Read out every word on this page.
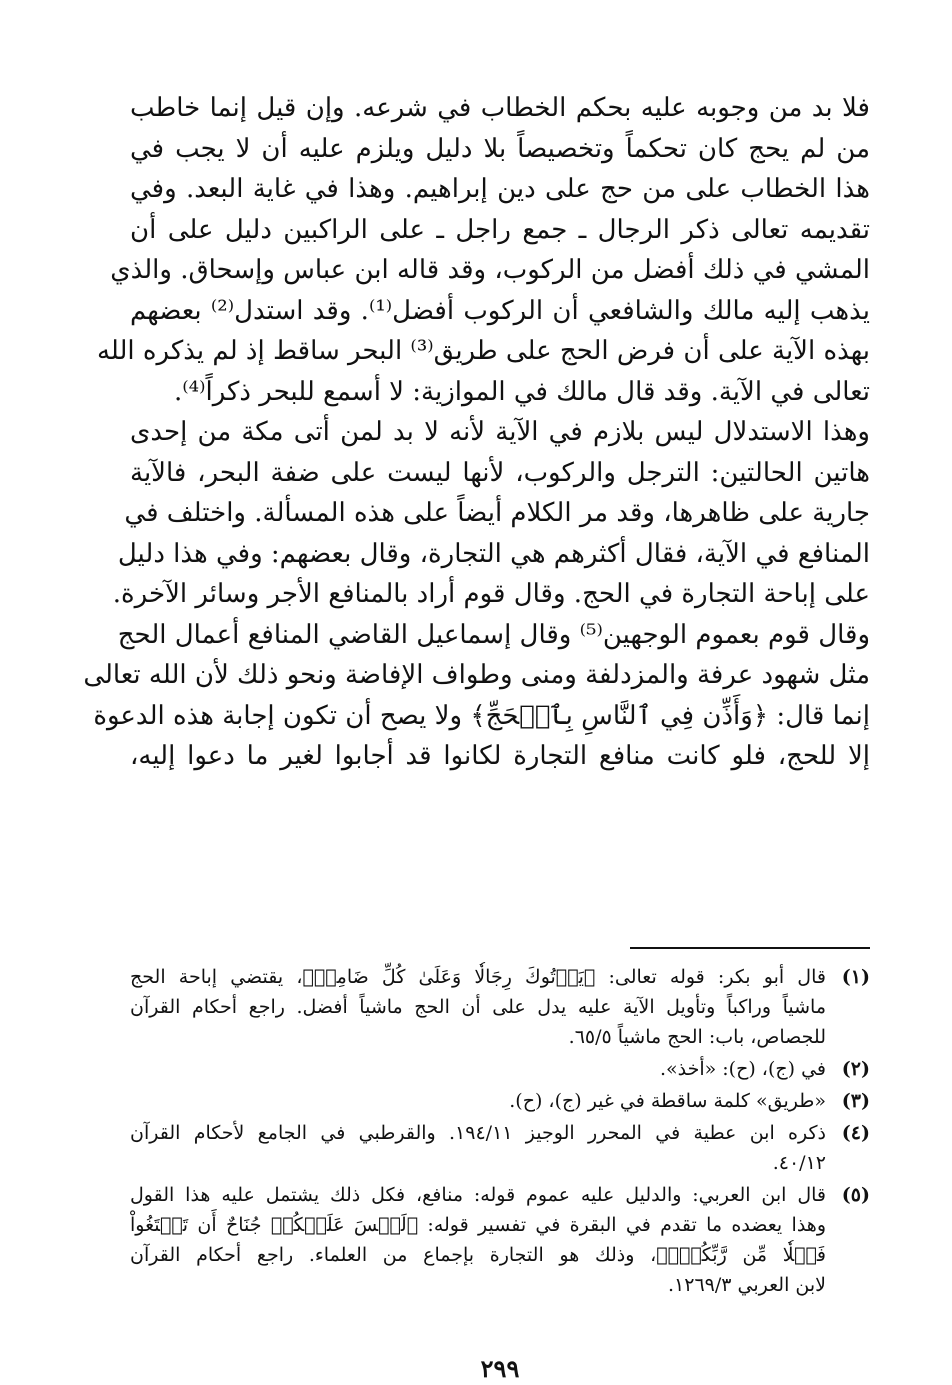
فلا بد من وجوبه عليه بحكم الخطاب في شرعه. وإن قيل إنما خاطب
من لم يحج كان تحكماً وتخصيصاً بلا دليل ويلزم عليه أن لا يجب في
هذا الخطاب على من حج على دين إبراهيم. وهذا في غاية البعد. وفي
تقديمه تعالى ذكر الرجال ـ جمع راجل ـ على الراكبين دليل على أن
المشي في ذلك أفضل من الركوب، وقد قاله ابن عباس وإسحاق. والذي
يذهب إليه مالك والشافعي أن الركوب أفضل⁽¹⁾. وقد استدل⁽²⁾ بعضهم
بهذه الآية على أن فرض الحج على طريق⁽³⁾ البحر ساقط إذ لم يذكره الله
تعالى في الآية. وقد قال مالك في الموازية: لا أسمع للبحر ذكراً⁽⁴⁾.
وهذا الاستدلال ليس بلازم في الآية لأنه لا بد لمن أتى مكة من إحدى
هاتين الحالتين: الترجل والركوب، لأنها ليست على ضفة البحر، فالآية
جارية على ظاهرها، وقد مر الكلام أيضاً على هذه المسألة. واختلف في
المنافع في الآية، فقال أكثرهم هي التجارة، وقال بعضهم: وفي هذا دليل
على إباحة التجارة في الحج. وقال قوم أراد بالمنافع الأجر وسائر الآخرة.
وقال قوم بعموم الوجهين⁽⁵⁾ وقال إسماعيل القاضي المنافع أعمال الحج
مثل شهود عرفة والمزدلفة ومنى وطواف الإفاضة ونحو ذلك لأن الله تعالى
إنما قال: ﴿وَأَذِّن فِي ٱلنَّاسِ بِٱلۡحَجِّ﴾ ولا يصح أن تكون إجابة هذه الدعوة
إلا للحج، فلو كانت منافع التجارة لكانوا قد أجابوا لغير ما دعوا إليه،
(١)
قال أبو بكر: قوله تعالى: ﴿يَأۡتُوكَ رِجَالٗا وَعَلَىٰ كُلِّ ضَامِرٖ﴾، يقتضي إباحة الحج
ماشياً وراكباً وتأويل الآية عليه يدل على أن الحج ماشياً أفضل. راجع أحكام القرآن
للجصاص، باب: الحج ماشياً ٦٥/٥.
(٢)
في (ج)، (ح): «أخذ».
(٣)
«طريق» كلمة ساقطة في غير (ج)، (ح).
(٤)
ذكره ابن عطية في المحرر الوجيز ١٩٤/١١. والقرطبي في الجامع لأحكام القرآن
٤٠/١٢.
(٥)
قال ابن العربي: والدليل عليه عموم قوله: منافع، فكل ذلك يشتمل عليه هذا القول
وهذا يعضده ما تقدم في البقرة في تفسير قوله: ﴿لَيۡسَ عَلَيۡكُمۡ جُنَاحٌ أَن تَبۡتَغُواْ
فَضۡلٗا مِّن رَّبِّكُمۡۚ﴾، وذلك هو التجارة بإجماع من العلماء. راجع أحكام القرآن
لابن العربي ١٢٦٩/٣.
٢٩٩
